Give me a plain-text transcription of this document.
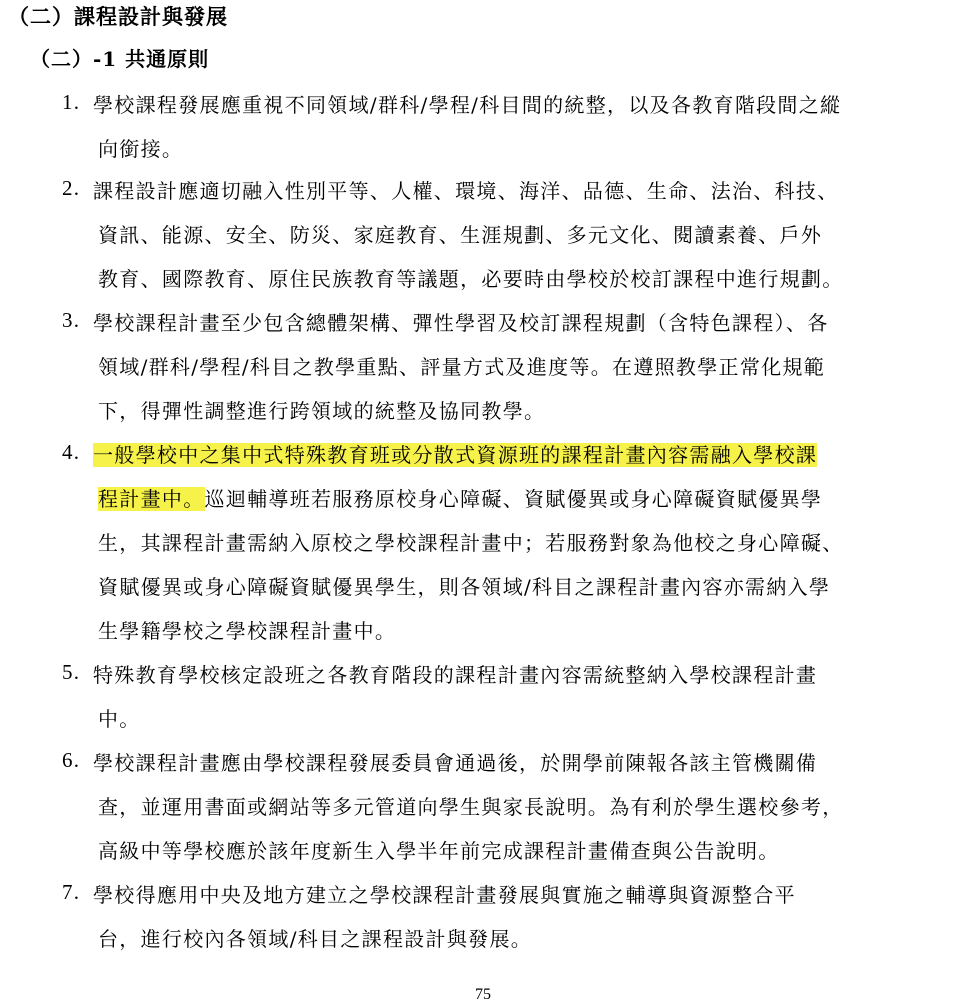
（二）課程設計與發展
（二）-1 共通原則
1. 學校課程發展應重視不同領域/群科/學程/科目間的統整，以及各教育階段間之縱
向銜接。
2. 課程設計應適切融入性別平等、人權、環境、海洋、品德、生命、法治、科技、
資訊、能源、安全、防災、家庭教育、生涯規劃、多元文化、閱讀素養、戶外
教育、國際教育、原住民族教育等議題，必要時由學校於校訂課程中進行規劃。
3. 學校課程計畫至少包含總體架構、彈性學習及校訂課程規劃（含特色課程）、各
領域/群科/學程/科目之教學重點、評量方式及進度等。在遵照教學正常化規範
下，得彈性調整進行跨領域的統整及協同教學。
4. 一般學校中之集中式特殊教育班或分散式資源班的課程計畫內容需融入學校課
程計畫中。巡迴輔導班若服務原校身心障礙、資賦優異或身心障礙資賦優異學
生，其課程計畫需納入原校之學校課程計畫中；若服務對象為他校之身心障礙、
資賦優異或身心障礙資賦優異學生，則各領域/科目之課程計畫內容亦需納入學
生學籍學校之學校課程計畫中。
5. 特殊教育學校核定設班之各教育階段的課程計畫內容需統整納入學校課程計畫
中。
6. 學校課程計畫應由學校課程發展委員會通過後，於開學前陳報各該主管機關備
查，並運用書面或網站等多元管道向學生與家長說明。為有利於學生選校參考，
高級中等學校應於該年度新生入學半年前完成課程計畫備查與公告說明。
7. 學校得應用中央及地方建立之學校課程計畫發展與實施之輔導與資源整合平
台，進行校內各領域/科目之課程設計與發展。
75
